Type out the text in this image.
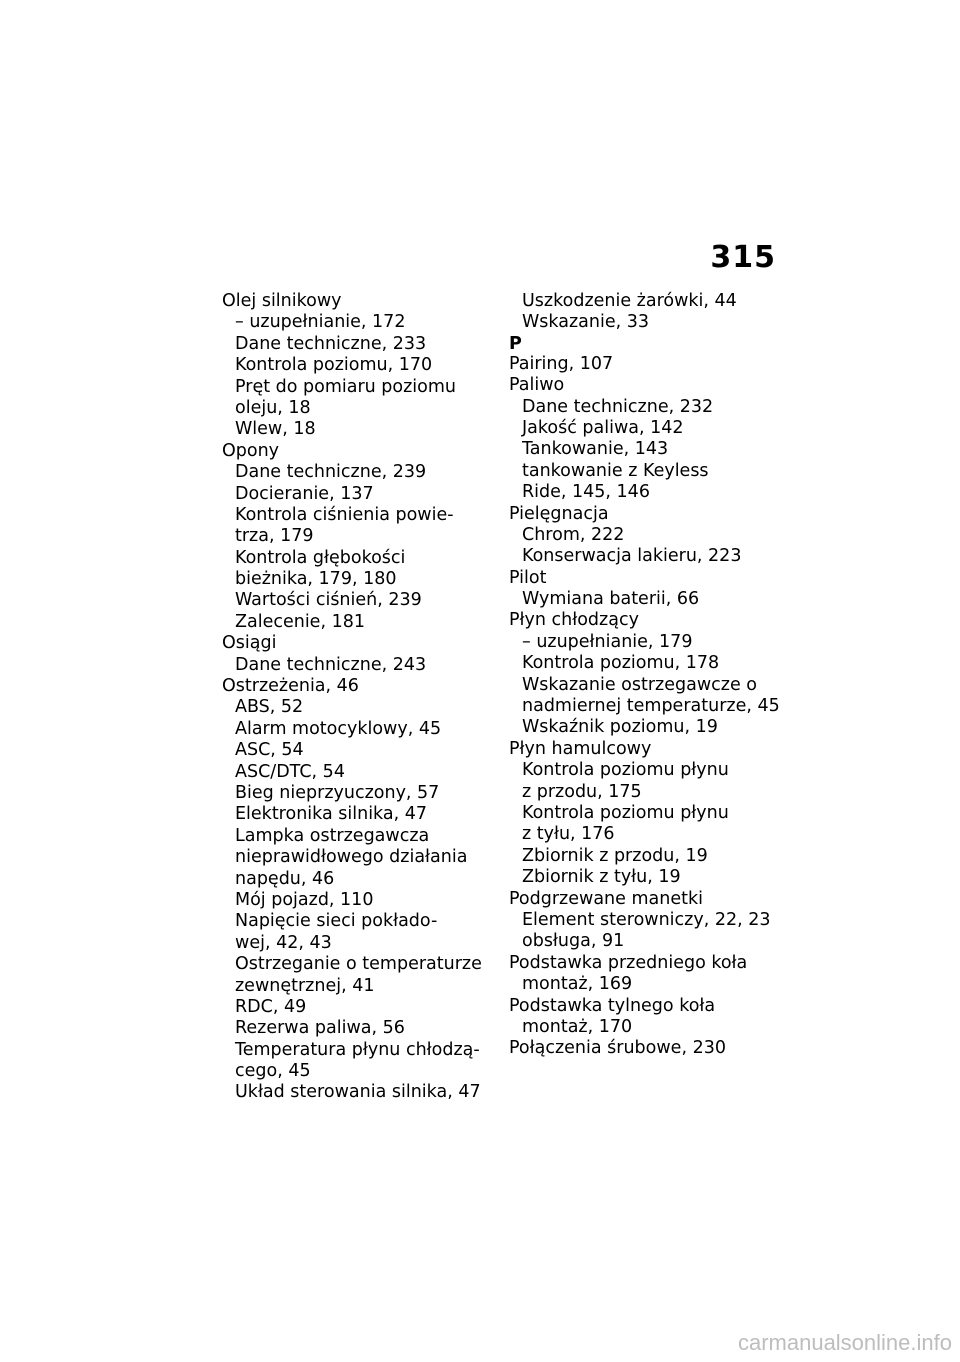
315
Olej silnikowy
– uzupełnianie, 172
Dane techniczne, 233
Kontrola poziomu, 170
Pręt do pomiaru poziomu
oleju, 18
Wlew, 18
Opony
Dane techniczne, 239
Docieranie, 137
Kontrola ciśnienia powie-
trza, 179
Kontrola głębokości
bieżnika, 179, 180
Wartości ciśnień, 239
Zalecenie, 181
Osiągi
Dane techniczne, 243
Ostrzeżenia, 46
ABS, 52
Alarm motocyklowy, 45
ASC, 54
ASC/DTC, 54
Bieg nieprzyuczony, 57
Elektronika silnika, 47
Lampka ostrzegawcza
nieprawidłowego działania
napędu, 46
Mój pojazd, 110
Napięcie sieci pokłado-
wej, 42, 43
Ostrzeganie o temperaturze
zewnętrznej, 41
RDC, 49
Rezerwa paliwa, 56
Temperatura płynu chłodzą-
cego, 45
Układ sterowania silnika, 47
Uszkodzenie żarówki, 44
Wskazanie, 33
P
Pairing, 107
Paliwo
Dane techniczne, 232
Jakość paliwa, 142
Tankowanie, 143
tankowanie z Keyless
Ride, 145, 146
Pielęgnacja
Chrom, 222
Konserwacja lakieru, 223
Pilot
Wymiana baterii, 66
Płyn chłodzący
– uzupełnianie, 179
Kontrola poziomu, 178
Wskazanie ostrzegawcze o
nadmiernej temperaturze, 45
Wskaźnik poziomu, 19
Płyn hamulcowy
Kontrola poziomu płynu
z przodu, 175
Kontrola poziomu płynu
z tyłu, 176
Zbiornik z przodu, 19
Zbiornik z tyłu, 19
Podgrzewane manetki
Element sterowniczy, 22, 23
obsługa, 91
Podstawka przedniego koła
montaż, 169
Podstawka tylnego koła
montaż, 170
Połączenia śrubowe, 230
carmanualsonline.info
